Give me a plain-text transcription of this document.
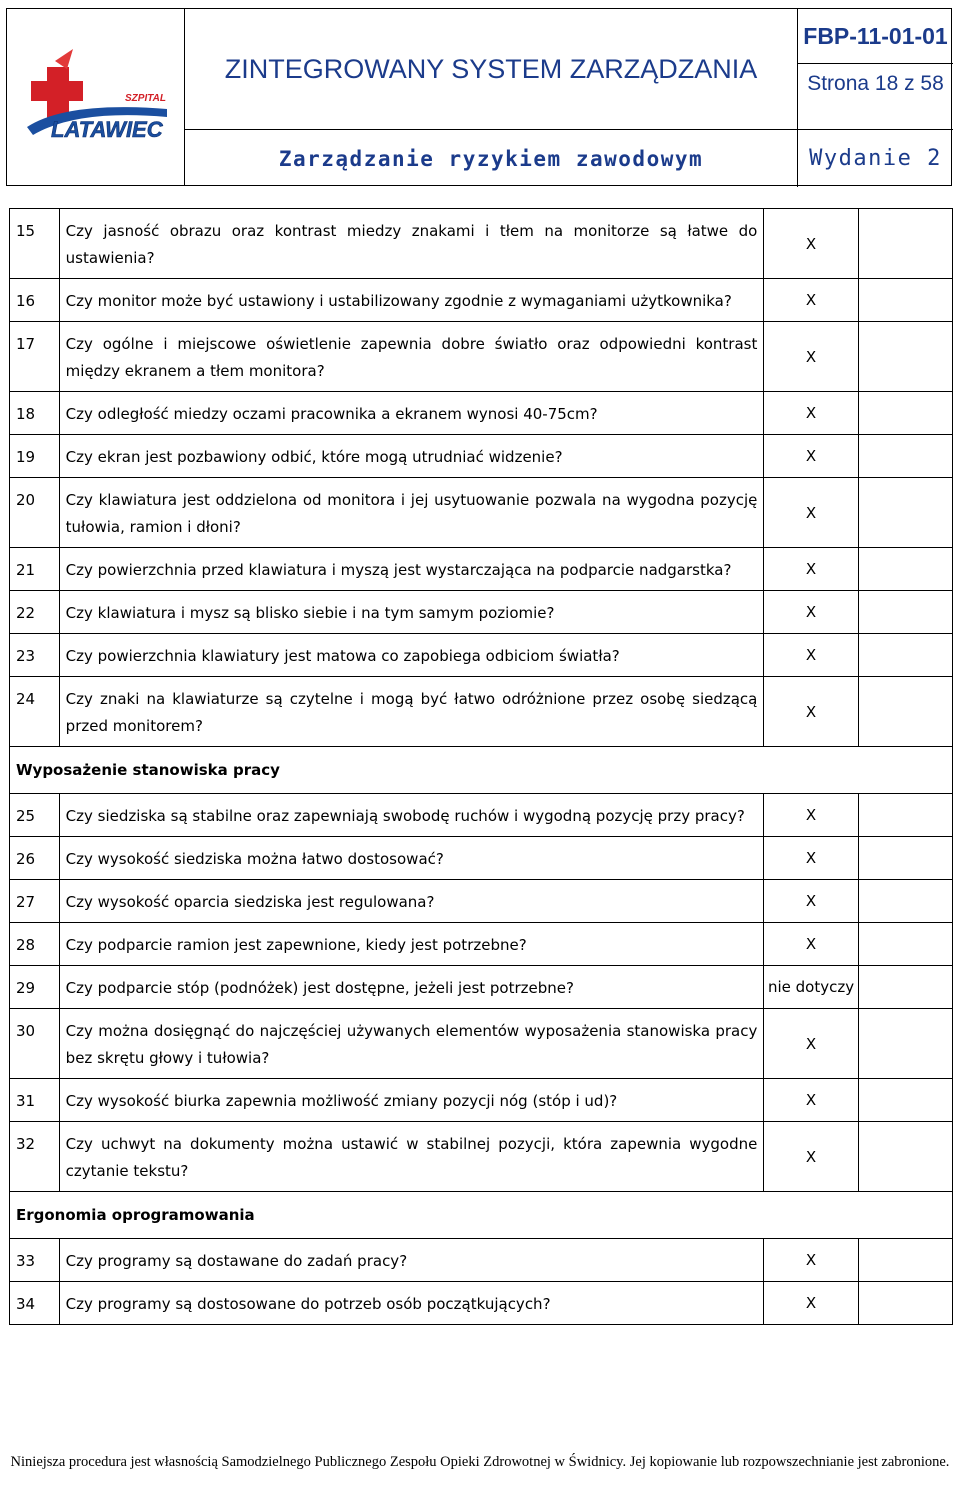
SZPITAL
LATAWIEC
ZINTEGROWANY SYSTEM ZARZĄDZANIA
FBP-11-01-01
Strona 18 z 58
Zarządzanie ryzykiem zawodowym	Wydanie 2
15	Czy jasność obrazu oraz kontrast miedzy znakami i tłem na monitorze są łatwe do ustawienia?	X	
16	Czy monitor może być ustawiony i ustabilizowany zgodnie z wymaganiami użytkownika?	X	
17	Czy ogólne i miejscowe oświetlenie zapewnia dobre światło oraz odpowiedni kontrast między ekranem a tłem monitora?	X	
18	Czy odległość miedzy oczami pracownika a ekranem wynosi 40-75cm?	X	
19	Czy ekran jest pozbawiony odbić, które mogą utrudniać widzenie?	X	
20	Czy klawiatura jest oddzielona od monitora i jej usytuowanie pozwala na wygodna pozycję tułowia, ramion i dłoni?	X	
21	Czy powierzchnia przed klawiatura i myszą jest wystarczająca na podparcie nadgarstka?	X	
22	Czy klawiatura i mysz są blisko siebie i na tym samym poziomie?	X	
23	Czy powierzchnia klawiatury jest matowa co zapobiega odbiciom światła?	X	
24	Czy znaki na klawiaturze są czytelne i mogą być łatwo odróżnione przez osobę siedzącą przed monitorem?	X	
Wyposażenie stanowiska pracy			
25	Czy siedziska są stabilne oraz zapewniają swobodę ruchów i wygodną pozycję przy pracy?	X	
26	Czy wysokość siedziska można łatwo dostosować?	X	
27	Czy wysokość oparcia siedziska jest regulowana?	X	
28	Czy podparcie ramion jest zapewnione, kiedy jest potrzebne?	X	
29	Czy podparcie stóp (podnóżek) jest dostępne, jeżeli jest potrzebne?	nie dotyczy	
30	Czy można dosięgnąć do najczęściej używanych elementów wyposażenia stanowiska pracy bez skrętu głowy i tułowia?	X	
31	Czy wysokość biurka zapewnia możliwość zmiany pozycji nóg (stóp i ud)?	X	
32	Czy uchwyt na dokumenty można ustawić w stabilnej pozycji, która zapewnia wygodne czytanie tekstu?	X	
Ergonomia oprogramowania			
33	Czy programy są dostawane do zadań pracy?	X	
34	Czy programy są dostosowane do potrzeb osób początkujących?	X	
Niniejsza procedura jest własnością Samodzielnego Publicznego Zespołu Opieki Zdrowotnej w Świdnicy. Jej kopiowanie lub rozpowszechnianie jest zabronione.
